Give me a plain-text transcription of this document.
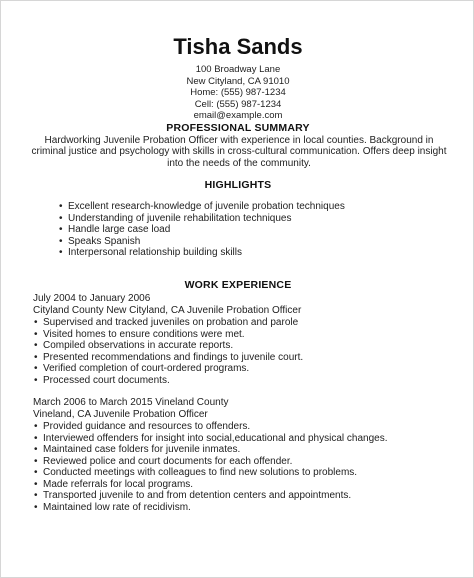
Tisha Sands
100 Broadway Lane
New Cityland, CA 91010
Home: (555) 987-1234
Cell: (555) 987-1234
email@example.com
PROFESSIONAL SUMMARY
Hardworking Juvenile Probation Officer with experience in local counties. Background in criminal justice and psychology with skills in cross-cultural communication. Offers deep insight into the needs of the community.
HIGHLIGHTS
• Excellent research-knowledge of juvenile probation techniques
• Understanding of juvenile rehabilitation techniques
• Handle large case load
• Speaks Spanish
• Interpersonal relationship building skills
WORK EXPERIENCE
July 2004 to January 2006
Cityland County New Cityland, CA Juvenile Probation Officer
• Supervised and tracked juveniles on probation and parole
• Visited homes to ensure conditions were met.
• Compiled observations in accurate reports.
• Presented recommendations and findings to juvenile court.
• Verified completion of court-ordered programs.
• Processed court documents.
March 2006 to March 2015 Vineland County
Vineland, CA Juvenile Probation Officer
• Provided guidance and resources to offenders.
• Interviewed offenders for insight into social,educational and physical changes.
• Maintained case folders for juvenile inmates.
• Reviewed police and court documents for each offender.
• Conducted meetings with colleagues to find new solutions to problems.
• Made referrals for local programs.
• Transported juvenile to and from detention centers and appointments.
• Maintained low rate of recidivism.
